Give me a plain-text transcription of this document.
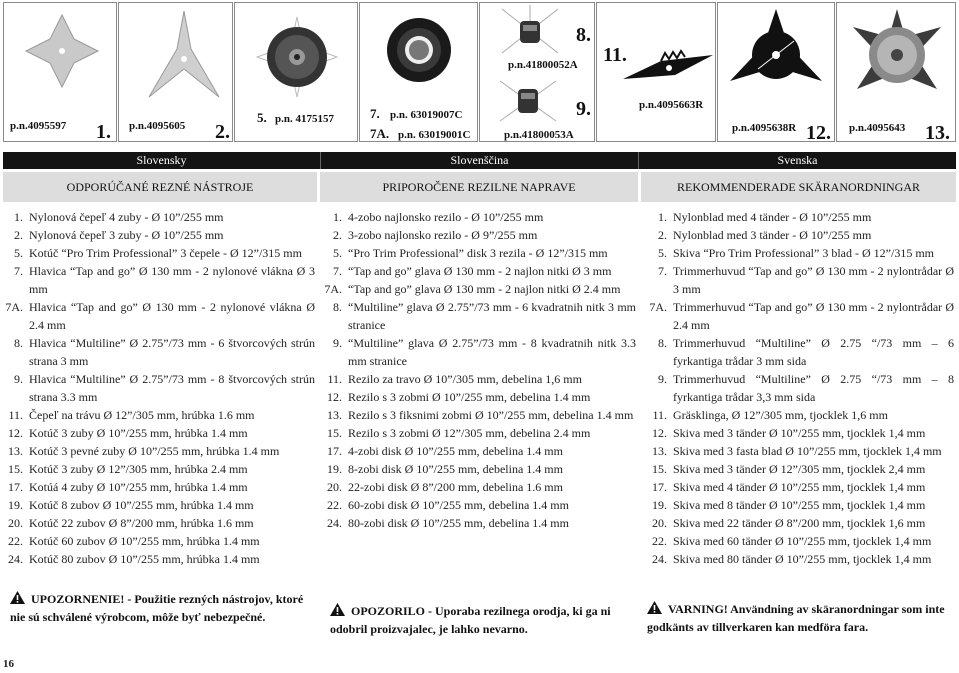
p.n.4095597 1. p.n.4095605 2.
5. p.n. 4175157	7. p.n. 63019007C
7A. p.n. 63019001C
p.n.41800052A
8.
p.n.41800053A
9.
11.
p.n.4095663R
p.n.4095638R 12. p.n.4095643 13.
Slovensky	Slovenščina	Svenska
ODPORÚČANÉ REZNÉ NÁSTROJE
1. Nylonová čepeľ 4 zuby - Ø 10”/255 mm
2. Nylonová čepeľ 3 zuby - Ø 10”/255 mm
5. Kotúč “Pro Trim Professional” 3 čepele - Ø 12”/315 mm
7. Hlavica “Tap and go” Ø 130 mm - 2 nylonové vlákna Ø 3 mm
7A. Hlavica “Tap and go” Ø 130 mm - 2 nylonové vlákna Ø 2.4 mm
8. Hlavica “Multiline” Ø 2.75”/73 mm - 6 štvorcových strún strana 3 mm
9. Hlavica “Multiline” Ø 2.75”/73 mm - 8 štvorcových strún strana 3.3 mm
11. Čepeľ na trávu Ø 12”/305 mm, hrúbka 1.6 mm
12. Kotúč 3 zuby Ø 10”/255 mm, hrúbka 1.4 mm
13. Kotúč 3 pevné zuby Ø 10”/255 mm, hrúbka 1.4 mm
15. Kotúč 3 zuby Ø 12”/305 mm, hrúbka 2.4 mm
17. Kotúá 4 zuby Ø 10”/255 mm, hrúbka 1.4 mm
19. Kotúč 8 zubov Ø 10”/255 mm, hrúbka 1.4 mm
20. Kotúč 22 zubov Ø 8”/200 mm, hrúbka 1.6 mm
22. Kotúč 60 zubov Ø 10”/255 mm, hrúbka 1.4 mm
24. Kotúč 80 zubov Ø 10”/255 mm, hrúbka 1.4 mm
PRIPOROČENE REZILNE NAPRAVE
1. 4-zobo najlonsko rezilo - Ø 10”/255 mm
2. 3-zobo najlonsko rezilo - Ø 9”/255 mm
5. “Pro Trim Professional” disk 3 rezila - Ø 12”/315 mm
7. “Tap and go” glava Ø 130 mm - 2 najlon nitki Ø 3 mm
7A. “Tap and go” glava Ø 130 mm - 2 najlon nitki Ø 2.4 mm
8. “Multiline” glava Ø 2.75”/73 mm - 6 kvadratnih nitk 3 mm stranice
9. “Multiline” glava Ø 2.75”/73 mm - 8 kvadratnih nitk 3.3 mm stranice
11. Rezilo za travo Ø 10”/305 mm, debelina 1,6 mm
12. Rezilo s 3 zobmi Ø 10”/255 mm, debelina 1.4 mm
13. Rezilo s 3 fiksnimi zobmi Ø 10”/255 mm, debelina 1.4 mm
15. Rezilo s 3 zobmi Ø 12”/305 mm, debelina 2.4 mm
17. 4-zobi disk Ø 10”/255 mm, debelina 1.4 mm
19. 8-zobi disk Ø 10”/255 mm, debelina 1.4 mm
20. 22-zobi disk Ø 8”/200 mm, debelina 1.6 mm
22. 60-zobi disk Ø 10”/255 mm, debelina 1.4 mm
24. 80-zobi disk Ø 10”/255 mm, debelina 1.4 mm
REKOMMENDERADE SKÄRANORDNINGAR
1. Nylonblad med 4 tänder - Ø 10”/255 mm
2. Nylonblad med 3 tänder - Ø 10”/255 mm
5. Skiva “Pro Trim Professional” 3 blad - Ø 12”/315 mm
7. Trimmerhuvud “Tap and go” Ø 130 mm - 2 nylontrådar Ø 3 mm
7A. Trimmerhuvud “Tap and go” Ø 130 mm - 2 nylontrådar Ø 2.4 mm
8. Trimmerhuvud “Multiline” Ø 2.75 “/73 mm – 6 fyrkantiga trådar 3 mm sida
9. Trimmerhuvud “Multiline” Ø 2.75 “/73 mm – 8 fyrkantiga trådar 3,3 mm sida
11. Gräsklinga, Ø 12”/305 mm, tjocklek 1,6 mm
12. Skiva med 3 tänder Ø 10”/255 mm, tjocklek 1,4 mm
13. Skiva med 3 fasta blad Ø 10”/255 mm, tjocklek 1,4 mm
15. Skiva med 3 tänder Ø 12”/305 mm, tjocklek 2,4 mm
17. Skiva med 4 tänder Ø 10”/255 mm, tjocklek 1,4 mm
19. Skiva med 8 tänder Ø 10”/255 mm, tjocklek 1,4 mm
20. Skiva med 22 tänder Ø 8”/200 mm, tjocklek 1,6 mm
22. Skiva med 60 tänder Ø 10”/255 mm, tjocklek 1,4 mm
24. Skiva med 80 tänder Ø 10”/255 mm, tjocklek 1,4 mm
UPOZORNENIE! - Použitie rezných nástrojov, ktoré nie sú schválené výrobcom, môže byť nebezpečné.	OPOZORILO - Uporaba rezilnega orodja, ki ga ni odobril proizvajalec, je lahko nevarno.
VARNING! Användning av skäranordningar som inte godkänts av tillverkaren kan medföra fara.
16
